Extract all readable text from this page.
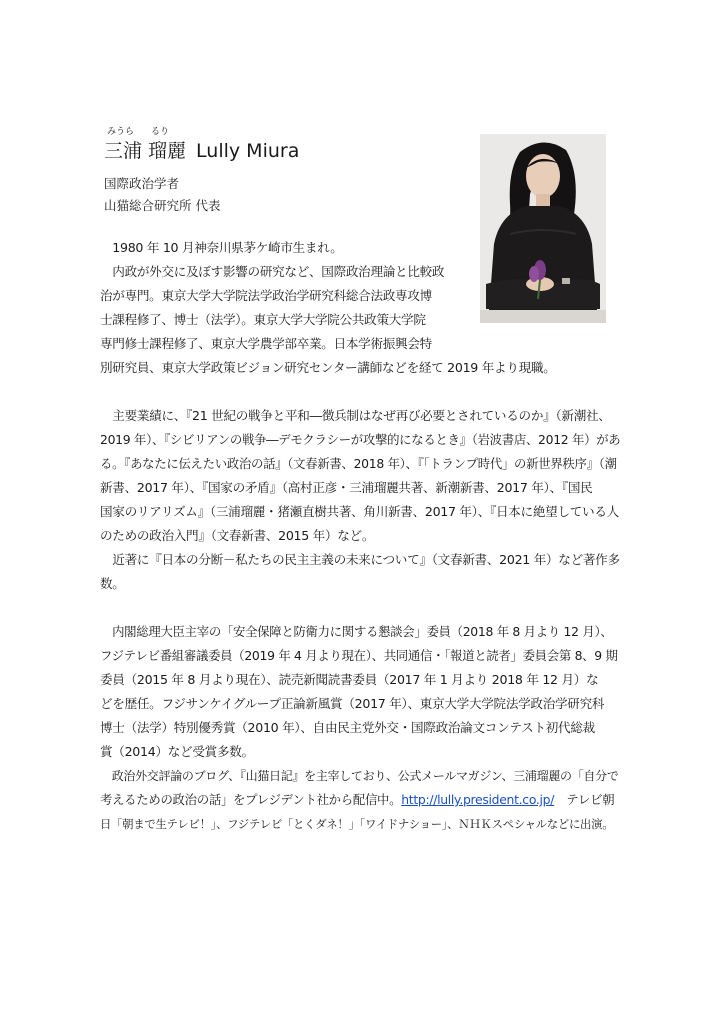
みうら るり
三浦 瑠麗 Lully Miura
国際政治学者
山猫総合研究所 代表
　1980 年 10 月神奈川県茅ケ崎市生まれ。
　内政が外交に及ぼす影響の研究など、国際政治理論と比較政
治が専門。東京大学大学院法学政治学研究科総合法政専攻博
士課程修了、博士（法学）。東京大学大学院公共政策大学院
専門修士課程修了、東京大学農学部卒業。日本学術振興会特
別研究員、東京大学政策ビジョン研究センター講師などを経て 2019 年より現職。
　主要業績に、『21 世紀の戦争と平和―徴兵制はなぜ再び必要とされているのか』（新潮社、
2019 年）、『シビリアンの戦争―デモクラシーが攻撃的になるとき』（岩波書店、2012 年）があ
る。『あなたに伝えたい政治の話』（文春新書、2018 年）、『「トランプ時代」の新世界秩序』（潮
新書、2017 年）、『国家の矛盾』（高村正彦・三浦瑠麗共著、新潮新書、2017 年）、『国民
国家のリアリズム』（三浦瑠麗・猪瀬直樹共著、角川新書、2017 年）、『日本に絶望している人
のための政治入門』（文春新書、2015 年）など。
　近著に『日本の分断－私たちの民主主義の未来について』（文春新書、2021 年）など著作多
数。
　内閣総理大臣主宰の「安全保障と防衛力に関する懇談会」委員（2018 年 8 月より 12 月）、
フジテレビ番組審議委員（2019 年 4 月より現在）、共同通信・「報道と読者」委員会第 8、9 期
委員（2015 年 8 月より現在）、読売新聞読書委員（2017 年 1 月より 2018 年 12 月）な
どを歴任。フジサンケイグループ正論新風賞（2017 年）、東京大学大学院法学政治学研究科
博士（法学）特別優秀賞（2010 年）、自由民主党外交・国際政治論文コンテスト初代総裁
賞（2014）など受賞多数。
　政治外交評論のブログ、『山猫日記』を主宰しており、公式メールマガジン、三浦瑠麗の「自分で
考えるための政治の話」をプレジデント社から配信中。http://lully.president.co.jp/　テレビ朝
日「朝まで生テレビ！」、フジテレビ「とくダネ！」「ワイドナショー」、ＮＨＫスペシャルなどに出演。
